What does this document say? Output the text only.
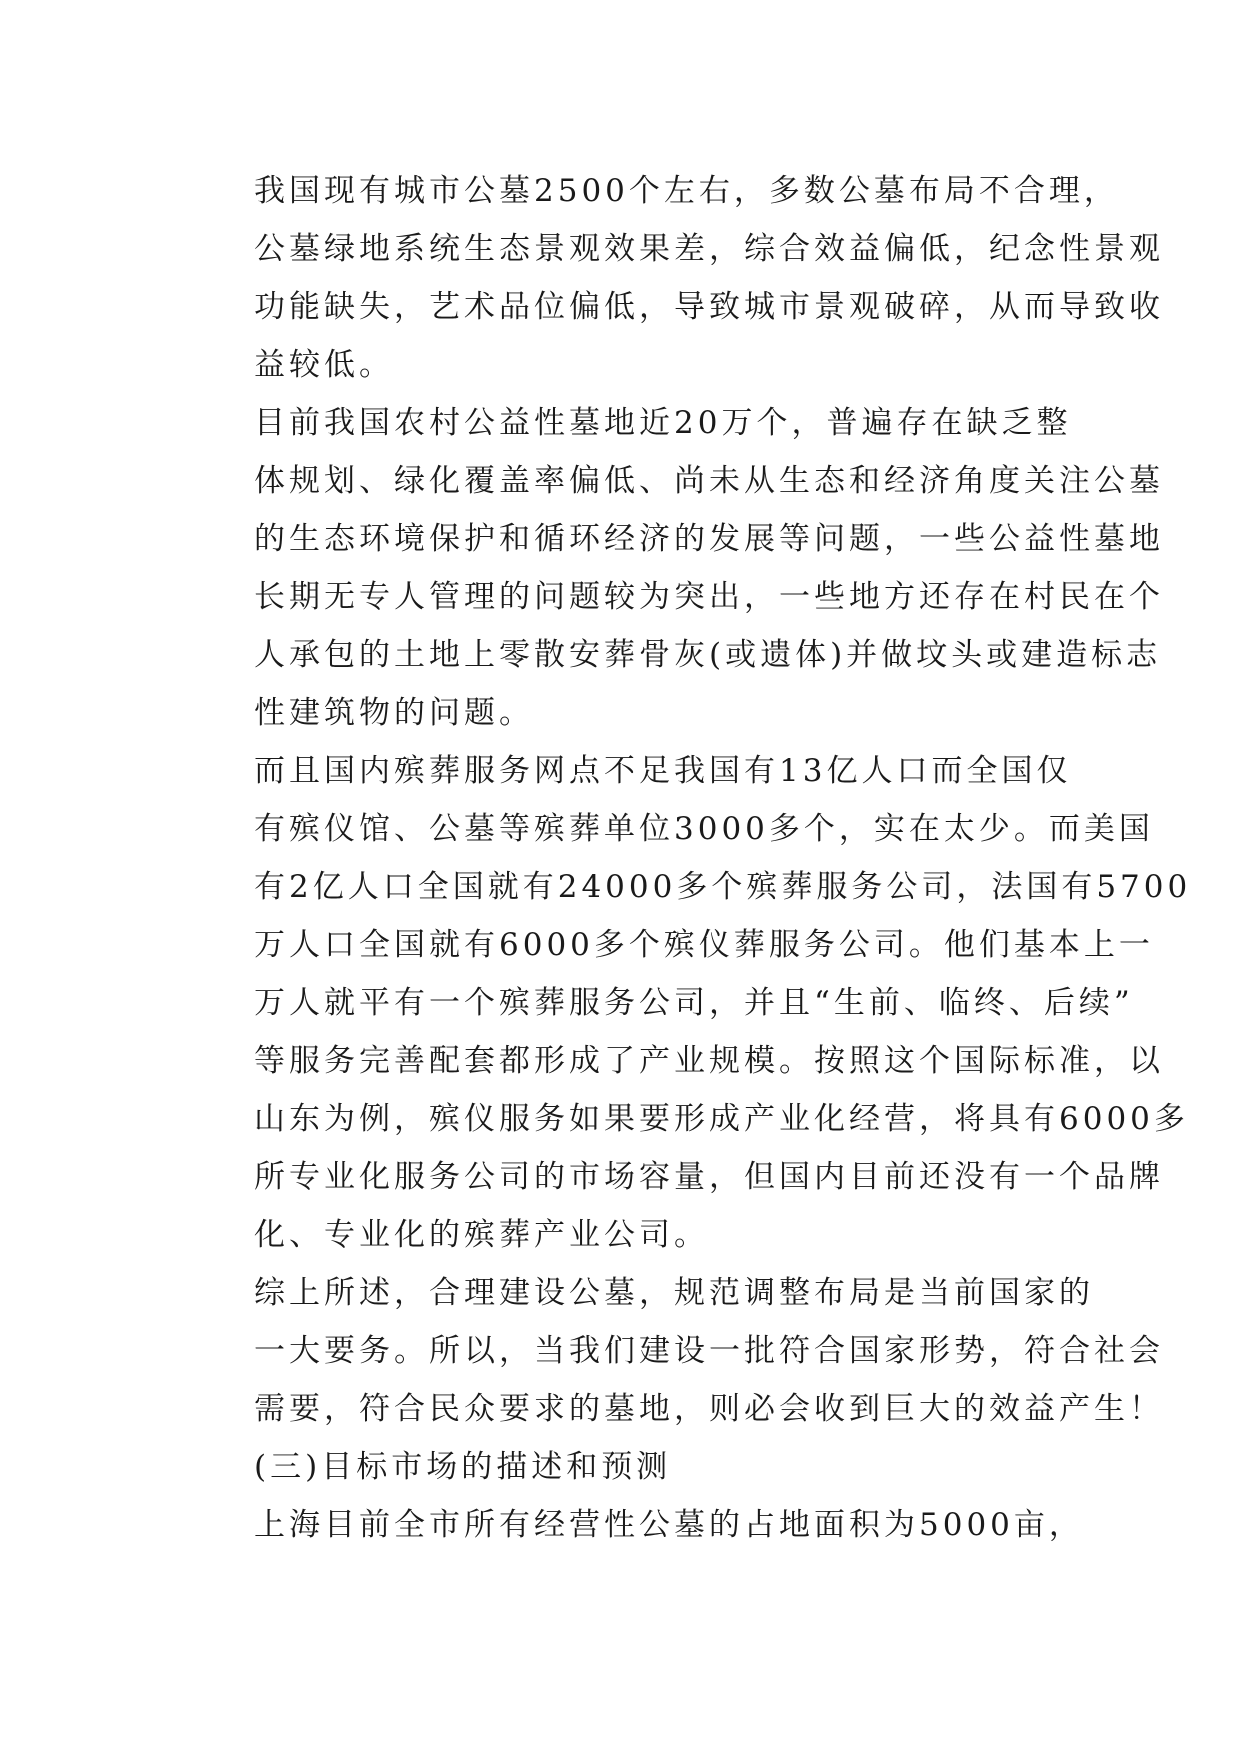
我国现有城市公墓2500个左右，多数公墓布局不合理，
公墓绿地系统生态景观效果差，综合效益偏低，纪念性景观
功能缺失，艺术品位偏低，导致城市景观破碎，从而导致收
益较低。

目前我国农村公益性墓地近20万个，普遍存在缺乏整
体规划、绿化覆盖率偏低、尚未从生态和经济角度关注公墓
的生态环境保护和循环经济的发展等问题，一些公益性墓地
长期无专人管理的问题较为突出，一些地方还存在村民在个
人承包的土地上零散安葬骨灰(或遗体)并做坟头或建造标志
性建筑物的问题。

而且国内殡葬服务网点不足我国有13亿人口而全国仅
有殡仪馆、公墓等殡葬单位3000多个，实在太少。而美国
有2亿人口全国就有24000多个殡葬服务公司，法国有5700
万人口全国就有6000多个殡仪葬服务公司。他们基本上一
万人就平有一个殡葬服务公司，并且“生前、临终、后续”
等服务完善配套都形成了产业规模。按照这个国际标准，以
山东为例，殡仪服务如果要形成产业化经营，将具有6000多
所专业化服务公司的市场容量，但国内目前还没有一个品牌
化、专业化的殡葬产业公司。

综上所述，合理建设公墓，规范调整布局是当前国家的
一大要务。所以，当我们建设一批符合国家形势，符合社会
需要，符合民众要求的墓地，则必会收到巨大的效益产生！

(三)目标市场的描述和预测

上海目前全市所有经营性公墓的占地面积为5000亩，
